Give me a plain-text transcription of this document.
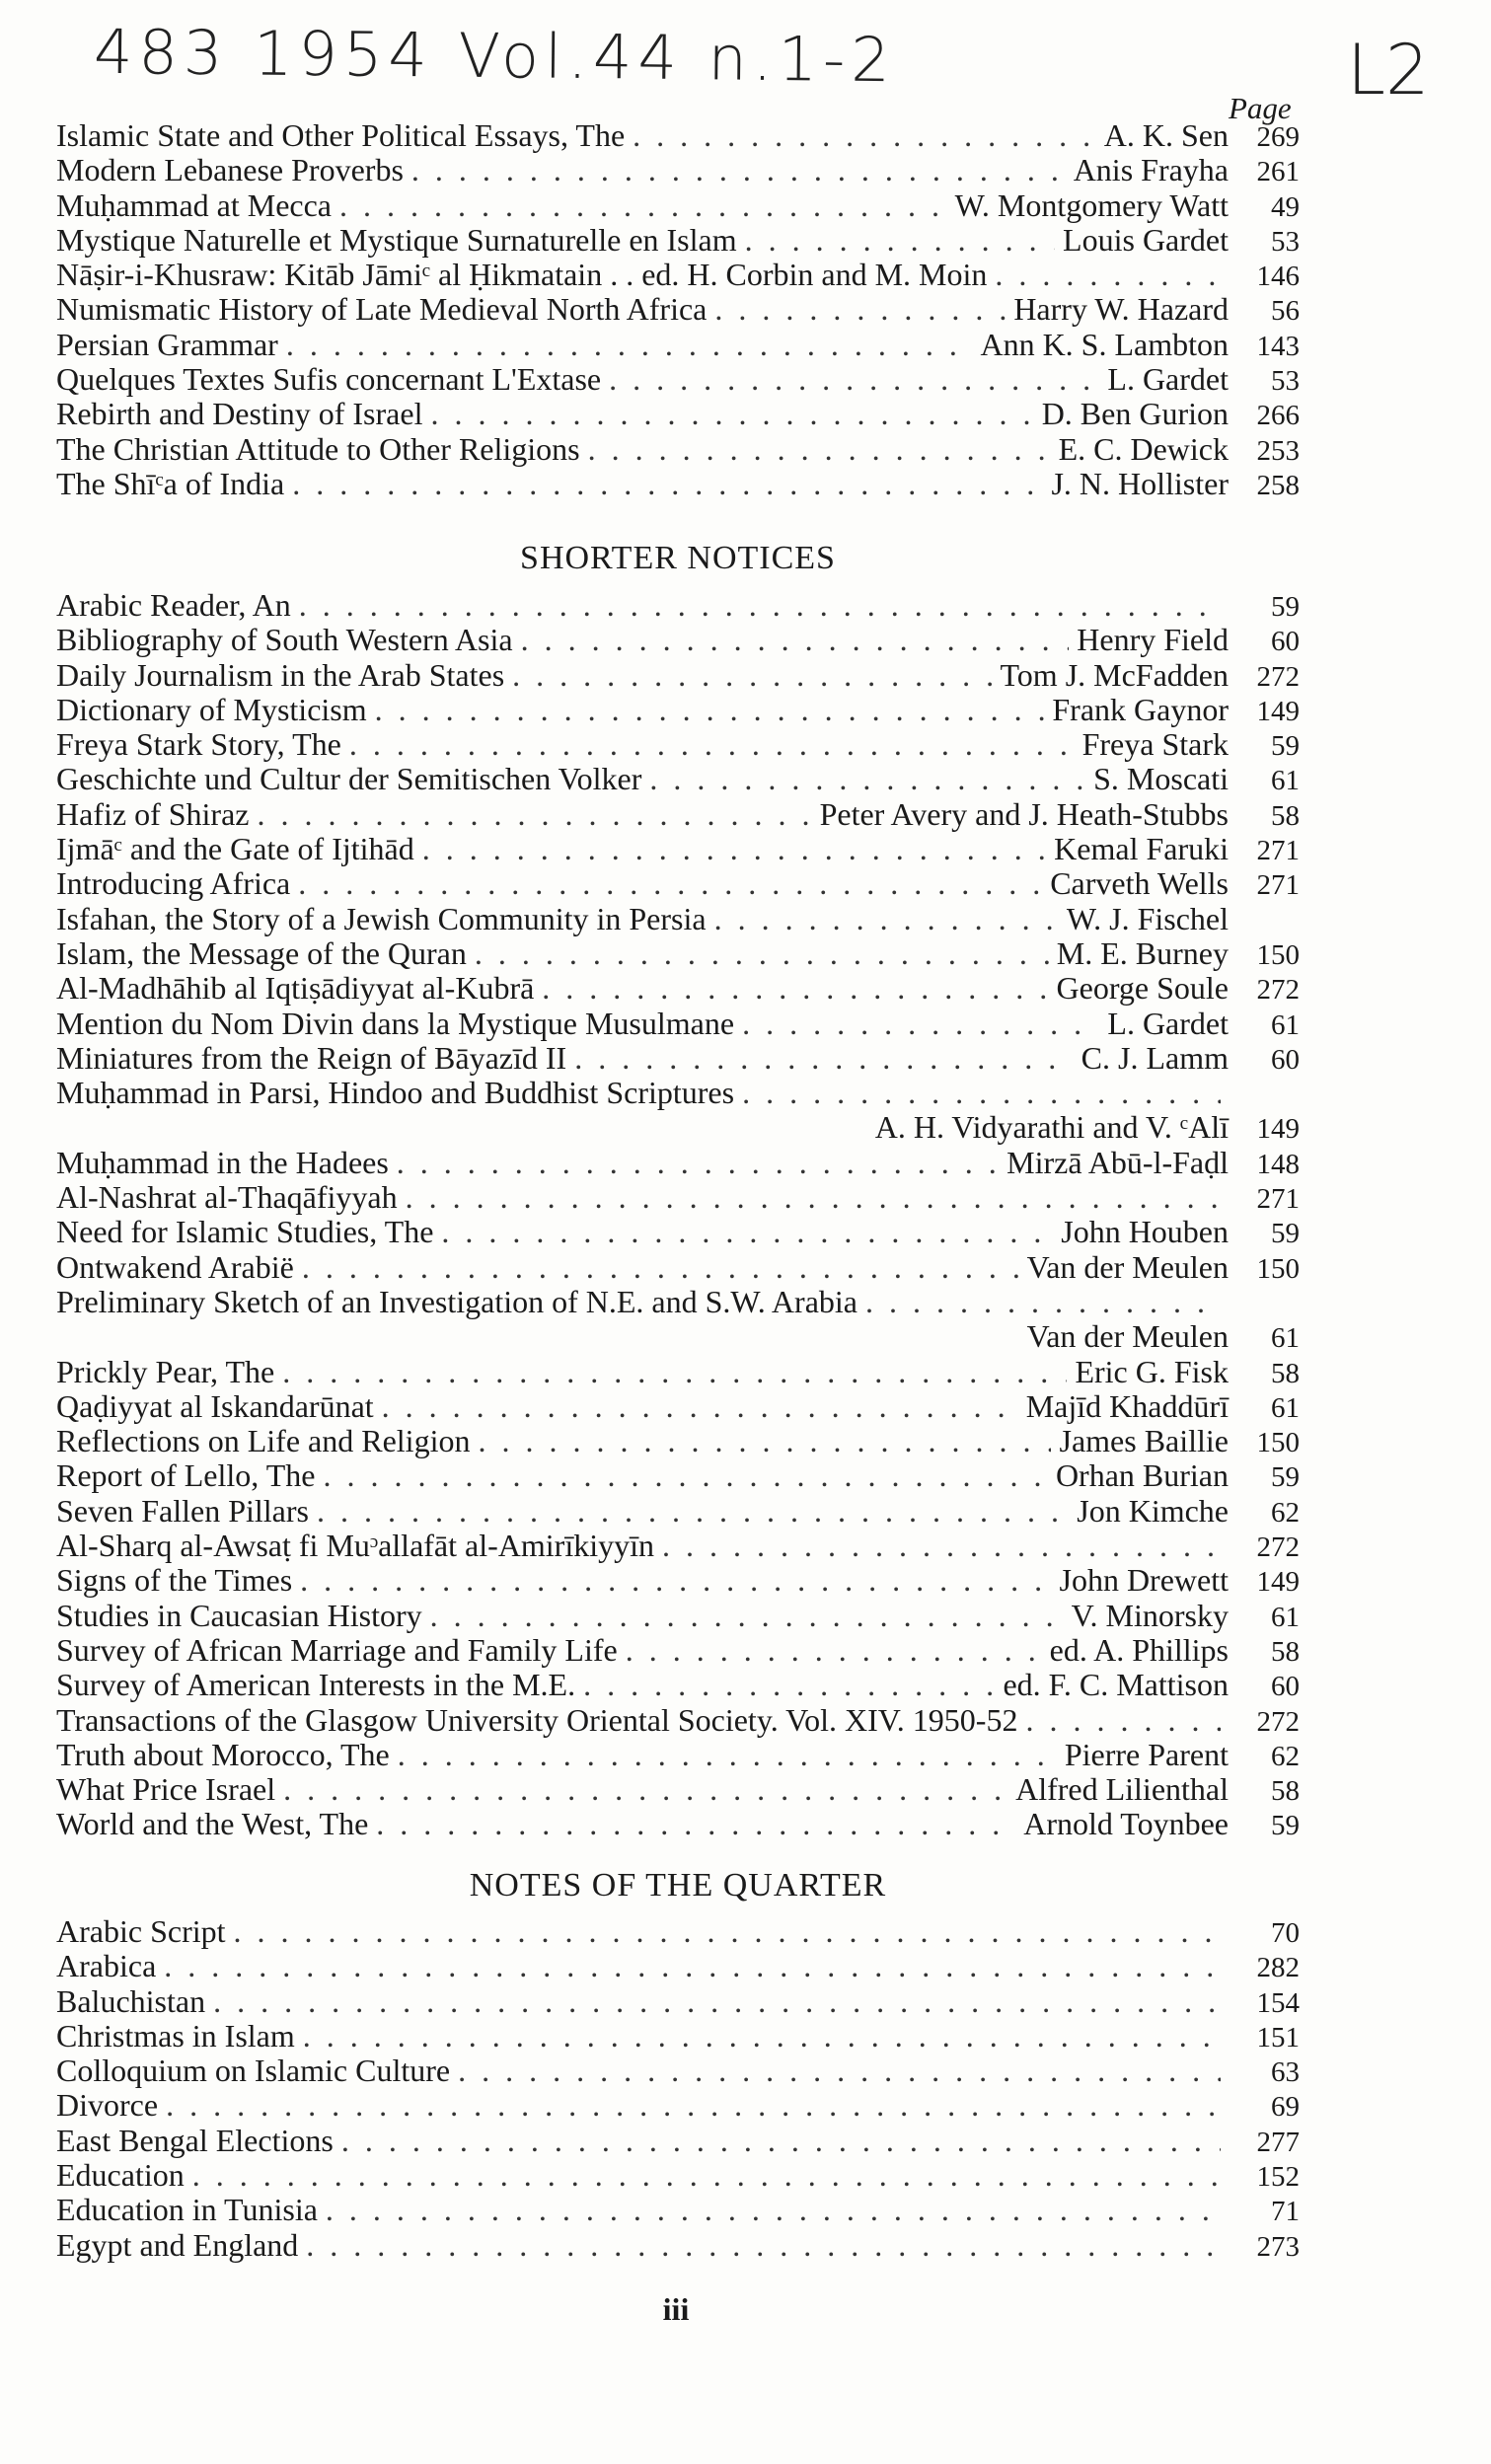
483 1954 Vol.44 n.1-2	L2
Page
Islamic State and Other Political Essays, The . . .	A. K. Sen 269
Modern Lebanese Proverbs . . .	Anis Frayha 261
Muḥammad at Mecca . . .	W. Montgomery Watt	49
Mystique Naturelle et Mystique Surnaturelle en Islam . . .	Louis Gardet	53
Nāṣir-i-Khusraw: Kitāb Jāmiᶜ al Ḥikmatain . . ed. H. Corbin and M. Moin . . .	146
Numismatic History of Late Medieval North Africa . . .	Harry W. Hazard	56
Persian Grammar . . .	Ann K. S. Lambton 143
Quelques Textes Sufis concernant L'Extase . . .	L. Gardet	53
Rebirth and Destiny of Israel . . .	D. Ben Gurion 266
The Christian Attitude to Other Religions . . .	E. C. Dewick 253
The Shīᶜa of India . . .	J. N. Hollister 258
SHORTER NOTICES
Arabic Reader, An . . .	59
Bibliography of South Western Asia . . .	Henry Field	60
Daily Journalism in the Arab States . . .	Tom J. McFadden 272
Dictionary of Mysticism . . .	Frank Gaynor 149
Freya Stark Story, The . . .	Freya Stark	59
Geschichte und Cultur der Semitischen Volker . . .	S. Moscati	61
Hafiz of Shiraz . . .	Peter Avery and J. Heath-Stubbs	58
Ijmāᶜ and the Gate of Ijtihād . . .	Kemal Faruki 271
Introducing Africa . . .	Carveth Wells 271
Isfahan, the Story of a Jewish Community in Persia . . .	W. J. Fischel
Islam, the Message of the Quran . . .	M. E. Burney 150
Al-Madhāhib al Iqtiṣādiyyat al-Kubrā . . .	George Soule 272
Mention du Nom Divin dans la Mystique Musulmane . . .	L. Gardet	61
Miniatures from the Reign of Bāyazīd II . . .	C. J. Lamm	60
Muḥammad in Parsi, Hindoo and Buddhist Scriptures
. . .
A. H. Vidyarathi and V. ᶜAlī 149
Muḥammad in the Hadees . . .	Mirzā Abū-l-Faḍl 148
Al-Nashrat al-Thaqāfiyyah . . .	271
Need for Islamic Studies, The . . .	John Houben	59
Ontwakend Arabië . . .	Van der Meulen 150
Preliminary Sketch of an Investigation of N.E. and S.W. Arabia
. . .
Van der Meulen	61
Prickly Pear, The . . .	Eric G. Fisk	58
Qaḍiyyat al Iskandarūnat . . .	Majīd Khaddūrī	61
Reflections on Life and Religion . . .	James Baillie 150
Report of Lello, The . . .	Orhan Burian	59
Seven Fallen Pillars . . .	Jon Kimche	62
Al-Sharq al-Awsaṭ fi Muᵓallafāt al-Amirīkiyyīn . . .	272
Signs of the Times . . .	John Drewett 149
Studies in Caucasian History . . .	V. Minorsky	61
Survey of African Marriage and Family Life . . .	ed. A. Phillips	58
Survey of American Interests in the M.E. . . .	ed. F. C. Mattison	60
Transactions of the Glasgow University Oriental Society. Vol. XIV. 1950-52 . . .	272
Truth about Morocco, The . . .	Pierre Parent	62
What Price Israel . . .	Alfred Lilienthal	58
World and the West, The . . .	Arnold Toynbee	59
NOTES OF THE QUARTER
Arabic Script . . .	70
Arabica . . .	282
Baluchistan . . .	154
Christmas in Islam . . .	151
Colloquium on Islamic Culture . . .	63
Divorce . . .	69
East Bengal Elections . . .	277
Education . . .	152
Education in Tunisia . . .	71
Egypt and England . . .	273
iii
